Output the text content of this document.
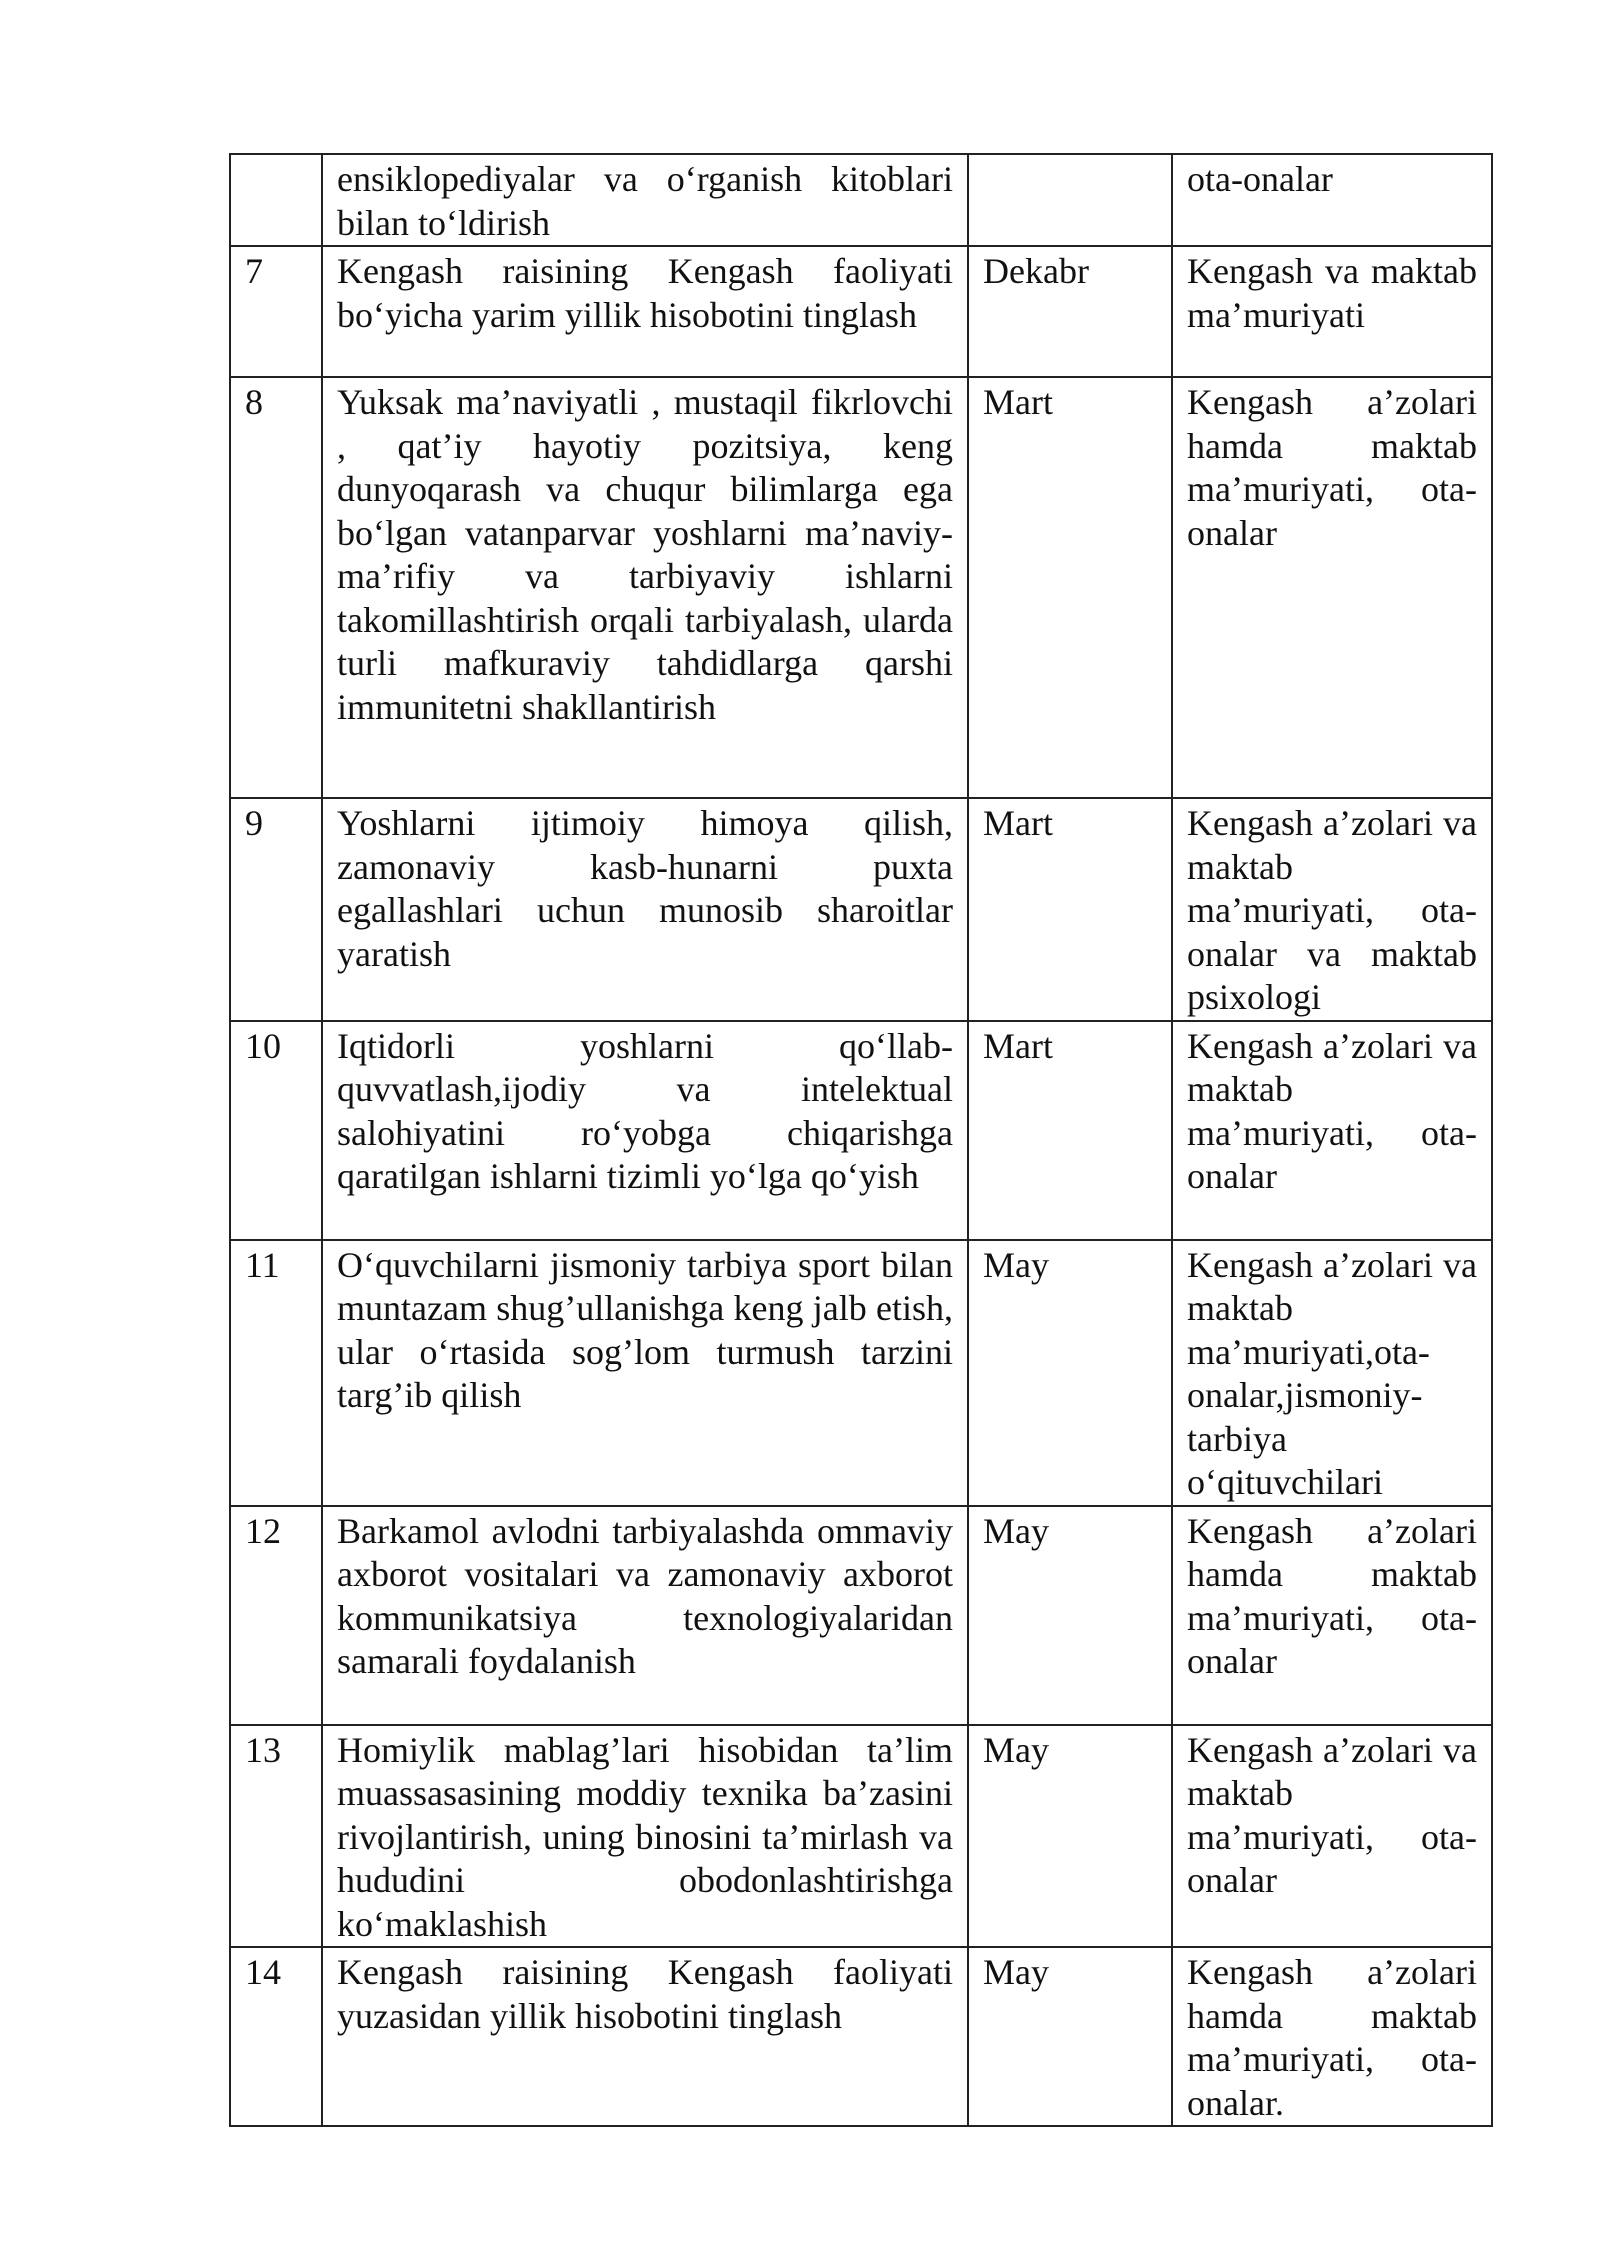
	ensiklopediyalar va o‘rganish kitoblari bilan to‘ldirish		ota-onalar

7	Kengash raisining Kengash faoliyati bo‘yicha yarim yillik hisobotini tinglash	Dekabr	Kengash va maktab ma’muriyati

8	Yuksak ma’naviyatli , mustaqil fikrlovchi , qat’iy hayotiy pozitsiya, keng dunyoqarash va chuqur bilimlarga ega bo‘lgan vatanparvar yoshlarni ma’naviy-ma’rifiy va tarbiyaviy ishlarni takomillashtirish orqali tarbiyalash, ularda turli mafkuraviy tahdidlarga qarshi immunitetni shakllantirish	Mart	Kengash a’zolari hamda maktab ma’muriyati, ota-onalar

9	Yoshlarni ijtimoiy himoya qilish, zamonaviy kasb-hunarni puxta egallashlari uchun munosib sharoitlar yaratish	Mart	Kengash a’zolari va maktab ma’muriyati, ota-onalar va maktab psixologi

10	Iqtidorli yoshlarni qo‘llab-quvvatlash,ijodiy va intelektual salohiyatini ro‘yobga chiqarishga qaratilgan ishlarni tizimli yo‘lga qo‘yish	Mart	Kengash a’zolari va maktab ma’muriyati, ota-onalar

11	O‘quvchilarni jismoniy tarbiya sport bilan muntazam shug’ullanishga keng jalb etish, ular o‘rtasida sog’lom turmush tarzini targ’ib qilish	May	Kengash a’zolari va maktab ma’muriyati,ota-onalar,jismoniy-tarbiya o‘qituvchilari

12	Barkamol avlodni tarbiyalashda ommaviy axborot vositalari va zamonaviy axborot kommunikatsiya texnologiyalaridan samarali foydalanish	May	Kengash a’zolari hamda maktab ma’muriyati, ota-onalar

13	Homiylik mablag’lari hisobidan ta’lim muassasasining moddiy texnika ba’zasini rivojlantirish, uning binosini ta’mirlash va hududini obodonlashtirishga ko‘maklashish	May	Kengash a’zolari va maktab ma’muriyati, ota-onalar

14	Kengash raisining Kengash faoliyati yuzasidan yillik hisobotini tinglash	May	Kengash a’zolari hamda maktab ma’muriyati, ota-onalar.
